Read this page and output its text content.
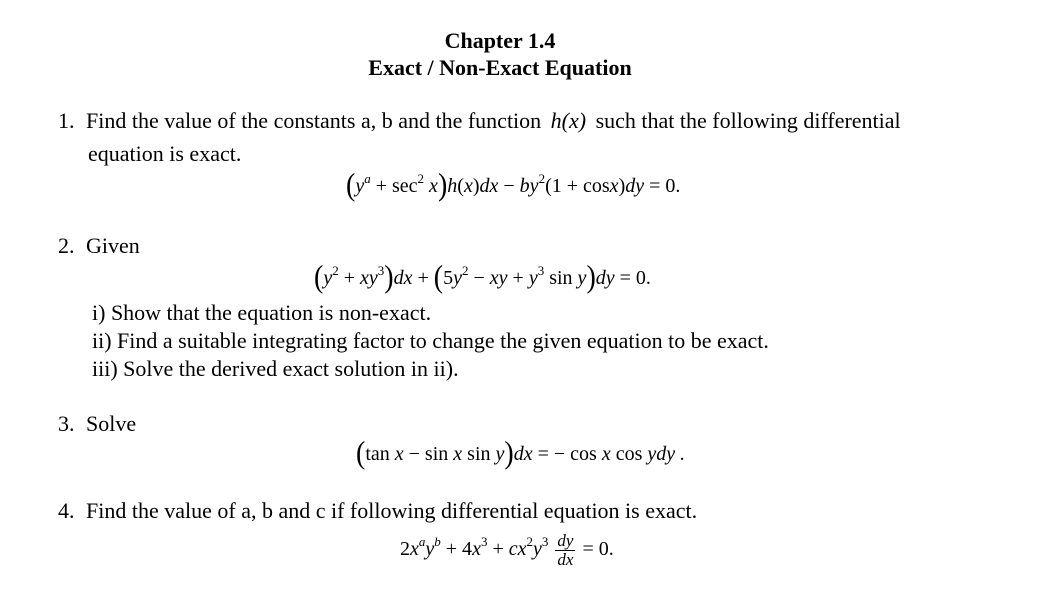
Chapter 1.4
Exact / Non-Exact Equation
1. Find the value of the constants a, b and the function h(x) such that the following differential
equation is exact.
$(y^a + \sec^2 x)h(x)dx - by^2(1 + \cos x)dy = 0$.
2. Given
$(y^2 + xy^3)dx + (5y^2$ − xy + $y^3$ sin y)dy = 0.
i) Show that the equation is non-exact.
ii) Find a suitable integrating factor to change the given equation to be exact.
iii) Solve the derived exact solution in ii).
3. Solve
(tan x − sin x sin y)dx = − cos x cos ydy .
4. Find the value of a, b and c if following differential equation is exact.
$2x^ay^b + 4x^3 + cx^2y^3 \frac{dy}{dx} = 0$.
